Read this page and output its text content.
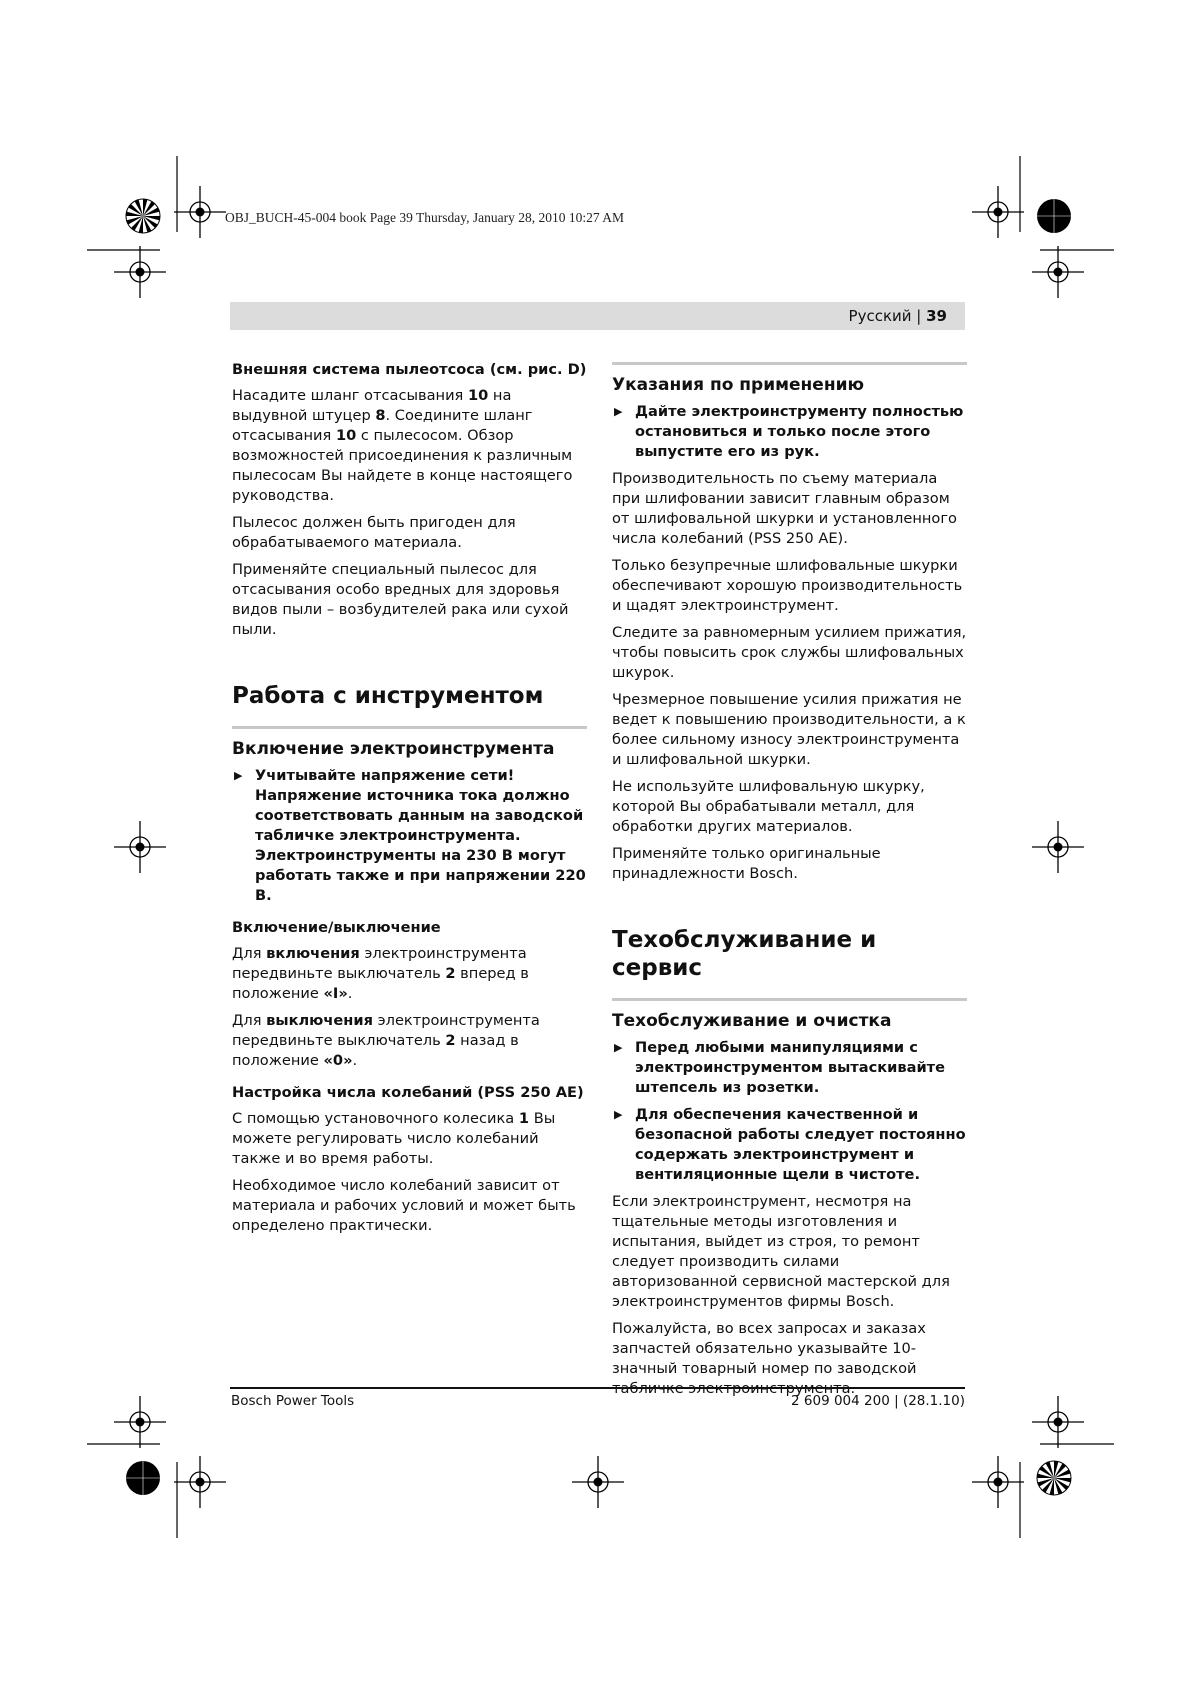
OBJ_BUCH-45-004 book Page 39 Thursday, January 28, 2010 10:27 AM
Русский | 39
Внешняя система пылеотсоса (см. рис. D)

Насадите шланг отсасывания 10 на выдувной штуцер 8. Соедините шланг отсасывания 10 с пылесосом. Обзор возможностей присоединения к различным пылесосам Вы найдете в конце настоящего руководства.

Пылесос должен быть пригоден для обрабатываемого материала.

Применяйте специальный пылесос для отсасывания особо вредных для здоровья видов пыли – возбудителей рака или сухой пыли.

Работа с инструментом
Включение электроинструмента
▶ Учитывайте напряжение сети! Напряжение источника тока должно соответствовать данным на заводской табличке электроинструмента. Электроинструменты на 230 В могут работать также и при напряжении 220 В.
Включение/выключение

Для включения электроинструмента передвиньте выключатель 2 вперед в положение «I».

Для выключения электроинструмента передвиньте выключатель 2 назад в положение «0».

Настройка числа колебаний (PSS 250 AE)

С помощью установочного колесика 1 Вы можете регулировать число колебаний также и во время работы.

Необходимое число колебаний зависит от материала и рабочих условий и может быть определено практически.

Указания по применению
▶ Дайте электроинструменту полностью остановиться и только после этого выпустите его из рук.

Производительность по съему материала при шлифовании зависит главным образом от шлифовальной шкурки и установленного числа колебаний (PSS 250 AE).

Только безупречные шлифовальные шкурки обеспечивают хорошую производительность и щадят электроинструмент.

Следите за равномерным усилием прижатия, чтобы повысить срок службы шлифовальных шкурок.

Чрезмерное повышение усилия прижатия не ведет к повышению производительности, а к более сильному износу электроинструмента и шлифовальной шкурки.

Не используйте шлифовальную шкурку, которой Вы обрабатывали металл, для обработки других материалов.

Применяйте только оригинальные принадлежности Bosch.

Техобслуживание и сервис
Техобслуживание и очистка
▶ Перед любыми манипуляциями с электроинструментом вытаскивайте штепсель из розетки.
▶ Для обеспечения качественной и безопасной работы следует постоянно содержать электроинструмент и вентиляционные щели в чистоте.

Если электроинструмент, несмотря на тщательные методы изготовления и испытания, выйдет из строя, то ремонт следует производить силами авторизованной сервисной мастерской для электроинструментов фирмы Bosch.

Пожалуйста, во всех запросах и заказах запчастей обязательно указывайте 10-значный товарный номер по заводской табличке электроинструмента.

Bosch Power Tools	2 609 004 200 | (28.1.10)
